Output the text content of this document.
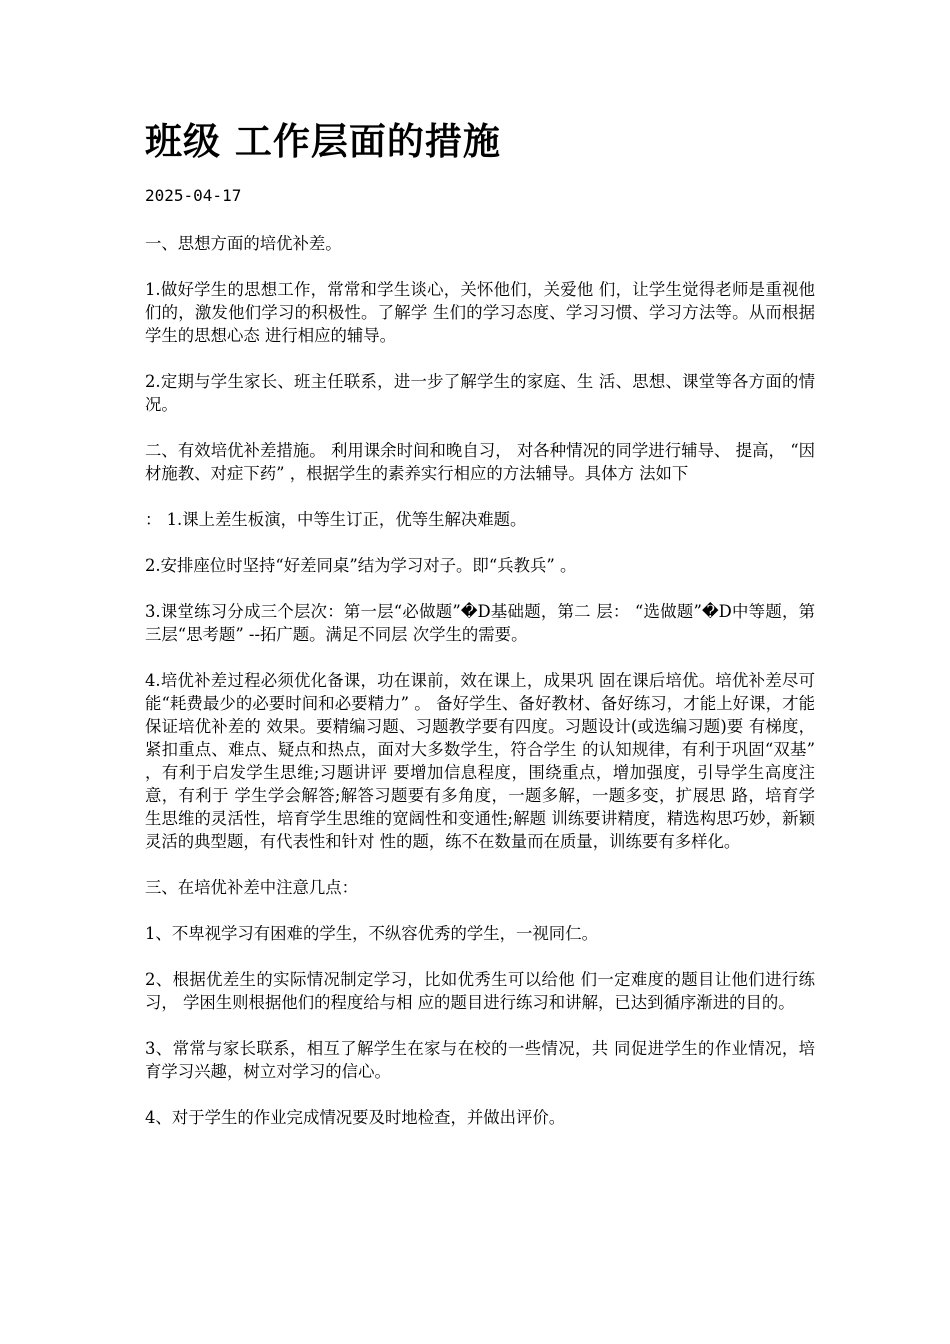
班级 工作层面的措施
2025-04-17

一、思想方面的培优补差。

1.做好学生的思想工作，常常和学生谈心，关怀他们，关爱他 们，让学生觉得老师是重视他们的，激发他们学习的积极性。了解学 生们的学习态度、学习习惯、学习方法等。从而根据学生的思想心态 进行相应的辅导。

2.定期与学生家长、班主任联系，进一步了解学生的家庭、生 活、思想、课堂等各方面的情况。

二、有效培优补差措施。 利用课余时间和晚自习， 对各种情况的同学进行辅导、 提高， “因 材施教、对症下药” ，根据学生的素养实行相应的方法辅导。具体方 法如下

： 1.课上差生板演，中等生订正，优等生解决难题。

2.安排座位时坚持“好差同桌”结为学习对子。即“兵教兵” 。

3.课堂练习分成三个层次：第一层“必做题”�D基础题，第二 层： “选做题”�D中等题，第三层“思考题” --拓广题。满足不同层 次学生的需要。

4.培优补差过程必须优化备课，功在课前，效在课上，成果巩 固在课后培优。培优补差尽可能“耗费最少的必要时间和必要精力” 。 备好学生、备好教材、备好练习，才能上好课，才能保证培优补差的 效果。要精编习题、习题教学要有四度。习题设计(或选编习题)要 有梯度，紧扣重点、难点、疑点和热点，面对大多数学生，符合学生 的认知规律，有利于巩固“双基” ，有利于启发学生思维;习题讲评 要增加信息程度，围绕重点，增加强度，引导学生高度注意，有利于 学生学会解答;解答习题要有多角度，一题多解，一题多变，扩展思 路，培育学生思维的灵活性，培育学生思维的宽阔性和变通性;解题 训练要讲精度，精选构思巧妙，新颖灵活的典型题，有代表性和针对 性的题，练不在数量而在质量，训练要有多样化。

三、在培优补差中注意几点：

1、不卑视学习有困难的学生，不纵容优秀的学生，一视同仁。

2、根据优差生的实际情况制定学习，比如优秀生可以给他 们一定难度的题目让他们进行练习， 学困生则根据他们的程度给与相 应的题目进行练习和讲解，已达到循序渐进的目的。

3、常常与家长联系，相互了解学生在家与在校的一些情况，共 同促进学生的作业情况，培育学习兴趣，树立对学习的信心。

4、对于学生的作业完成情况要及时地检查，并做出评价。
